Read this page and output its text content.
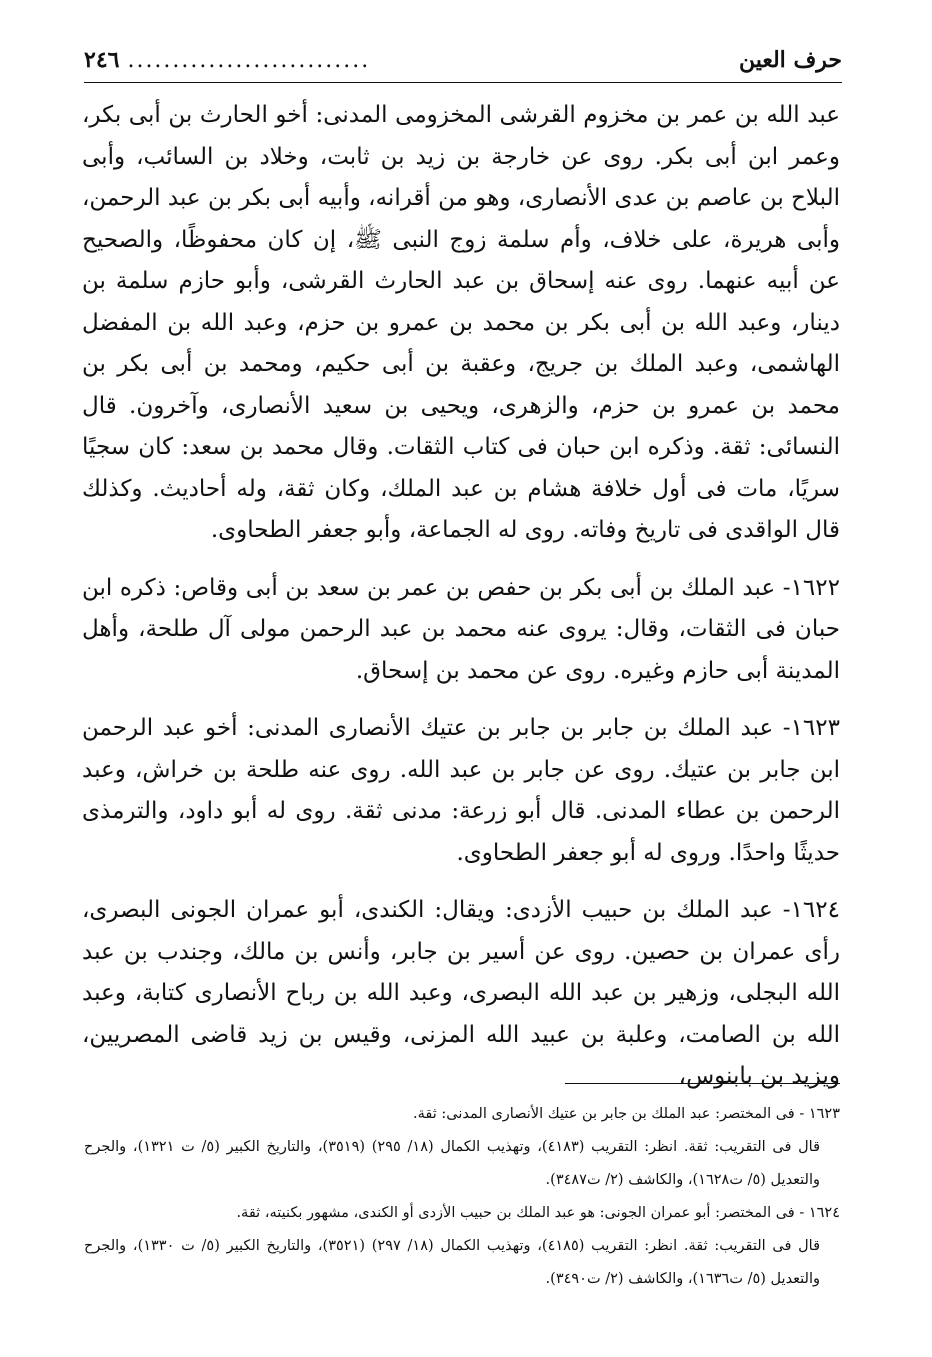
حرف العين
...........................
٢٤٦

عبد الله بن عمر بن مخزوم القرشى المخزومى المدنى: أخو الحارث بن أبى بكر، وعمر ابن أبى بكر. روى عن خارجة بن زيد بن ثابت، وخلاد بن السائب، وأبى البلاح بن عاصم بن عدى الأنصارى، وهو من أقرانه، وأبيه أبى بكر بن عبد الرحمن، وأبى هريرة، على خلاف، وأم سلمة زوج النبى ﷺ، إن كان محفوظًا، والصحيح عن أبيه عنهما. روى عنه إسحاق بن عبد الحارث القرشى، وأبو حازم سلمة بن دينار، وعبد الله بن أبى بكر بن محمد بن عمرو بن حزم، وعبد الله بن المفضل الهاشمى، وعبد الملك بن جريج، وعقبة بن أبى حكيم، ومحمد بن أبى بكر بن محمد بن عمرو بن حزم، والزهرى، ويحيى بن سعيد الأنصارى، وآخرون. قال النسائى: ثقة. وذكره ابن حبان فى كتاب الثقات. وقال محمد بن سعد: كان سجيًا سريًا، مات فى أول خلافة هشام بن عبد الملك، وكان ثقة، وله أحاديث. وكذلك قال الواقدى فى تاريخ وفاته. روى له الجماعة، وأبو جعفر الطحاوى.

١٦٢٢- عبد الملك بن أبى بكر بن حفص بن عمر بن سعد بن أبى وقاص: ذكره ابن حبان فى الثقات، وقال: يروى عنه محمد بن عبد الرحمن مولى آل طلحة، وأهل المدينة أبى حازم وغيره. روى عن محمد بن إسحاق.

١٦٢٣- عبد الملك بن جابر بن جابر بن عتيك الأنصارى المدنى: أخو عبد الرحمن ابن جابر بن عتيك. روى عن جابر بن عبد الله. روى عنه طلحة بن خراش، وعبد الرحمن بن عطاء المدنى. قال أبو زرعة: مدنى ثقة. روى له أبو داود، والترمذى حديثًا واحدًا. وروى له أبو جعفر الطحاوى.

١٦٢٤- عبد الملك بن حبيب الأزدى: ويقال: الكندى، أبو عمران الجونى البصرى، رأى عمران بن حصين. روى عن أسير بن جابر، وأنس بن مالك، وجندب بن عبد الله البجلى، وزهير بن عبد الله البصرى، وعبد الله بن رباح الأنصارى كتابة، وعبد الله بن الصامت، وعلبة بن عبيد الله المزنى، وقيس بن زيد قاضى المصريين، ويزيد بن بابنوس،

١٦٢٣ - فى المختصر: عبد الملك بن جابر بن عتيك الأنصارى المدنى: ثقة.

قال فى التقريب: ثقة. انظر: التقريب (٤١٨٣)، وتهذيب الكمال (١٨/ ٢٩٥) (٣٥١٩)، والتاريخ الكبير (٥/ ت ١٣٢١)، والجرح والتعديل (٥/ ت١٦٢٨)، والكاشف (٢/ ت٣٤٨٧).

١٦٢٤ - فى المختصر: أبو عمران الجونى: هو عبد الملك بن حبيب الأزدى أو الكندى، مشهور بكنيته، ثقة.

قال فى التقريب: ثقة. انظر: التقريب (٤١٨٥)، وتهذيب الكمال (١٨/ ٢٩٧) (٣٥٢١)، والتاريخ الكبير (٥/ ت ١٣٣٠)، والجرح والتعديل (٥/ ت١٦٣٦)، والكاشف (٢/ ت٣٤٩٠).
